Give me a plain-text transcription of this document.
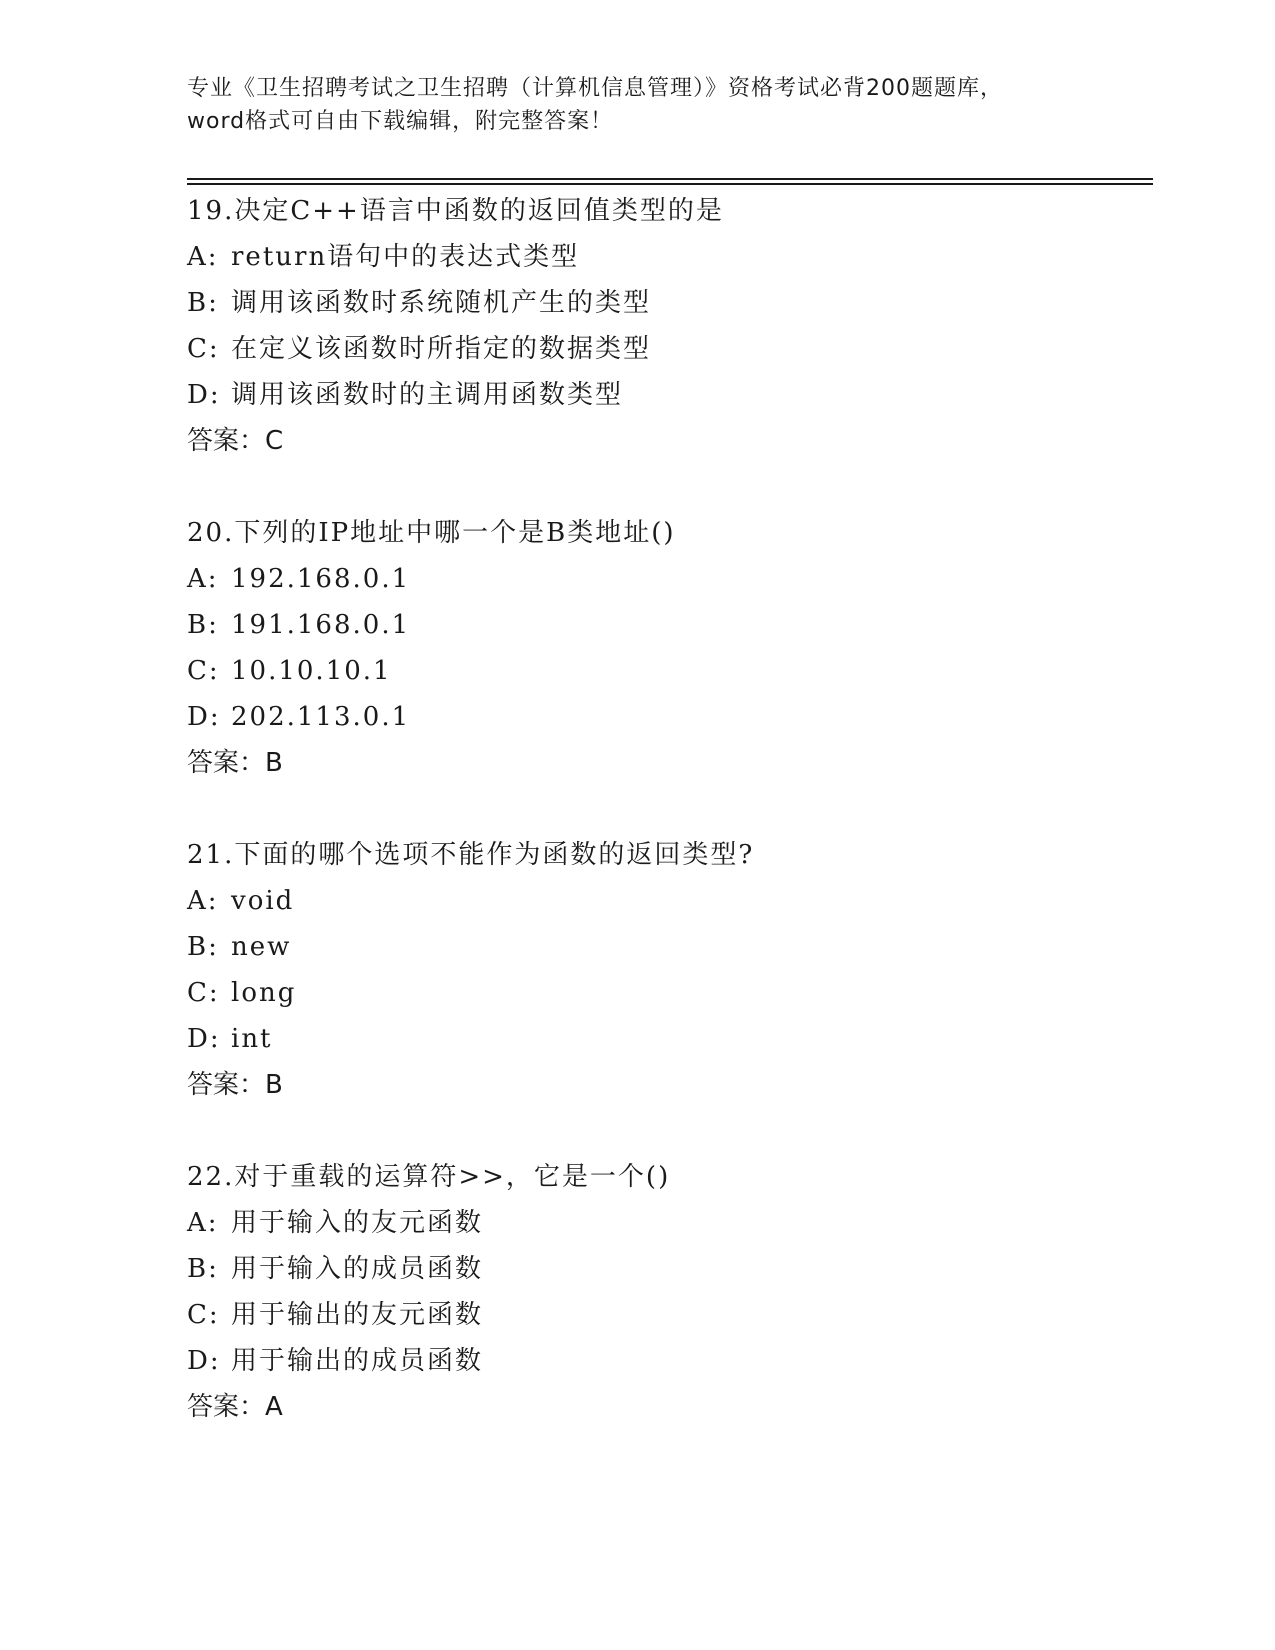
专业《卫生招聘考试之卫生招聘（计算机信息管理）》资格考试必背200题题库，
word格式可自由下载编辑，附完整答案！
19.决定C++语言中函数的返回值类型的是
A: return语句中的表达式类型
B: 调用该函数时系统随机产生的类型
C: 在定义该函数时所指定的数据类型
D: 调用该函数时的主调用函数类型
答案：C
20.下列的IP地址中哪一个是B类地址()
A: 192.168.0.1
B: 191.168.0.1
C: 10.10.10.1
D: 202.113.0.1
答案：B
21.下面的哪个选项不能作为函数的返回类型?
A: void
B: new
C: long
D: int
答案：B
22.对于重载的运算符>>，它是一个()
A: 用于输入的友元函数
B: 用于输入的成员函数
C: 用于输出的友元函数
D: 用于输出的成员函数
答案：A
